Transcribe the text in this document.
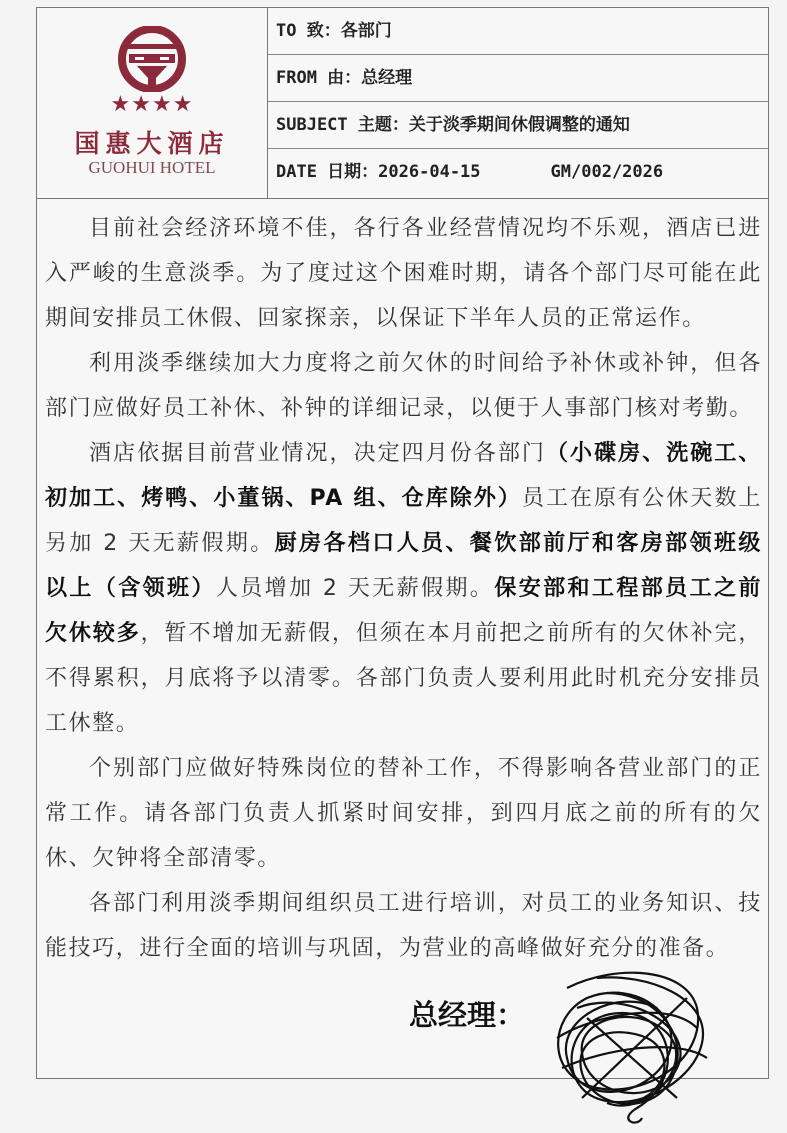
★★★★
国惠大酒店
GUOHUI HOTEL
TO 致：各部门
FROM 由：总经理
SUBJECT 主题：关于淡季期间休假调整的通知
DATE 日期：2026-04-15	GM/002/2026

目前社会经济环境不佳，各行各业经营情况均不乐观，酒店已进入严峻的生意淡季。为了度过这个困难时期，请各个部门尽可能在此期间安排员工休假、回家探亲，以保证下半年人员的正常运作。

利用淡季继续加大力度将之前欠休的时间给予补休或补钟，但各部门应做好员工补休、补钟的详细记录，以便于人事部门核对考勤。

酒店依据目前营业情况，决定四月份各部门（小碟房、洗碗工、初加工、烤鸭、小董锅、PA 组、仓库除外）员工在原有公休天数上另加 2 天无薪假期。厨房各档口人员、餐饮部前厅和客房部领班级以上（含领班）人员增加 2 天无薪假期。保安部和工程部员工之前欠休较多，暂不增加无薪假，但须在本月前把之前所有的欠休补完，不得累积，月底将予以清零。各部门负责人要利用此时机充分安排员工休整。

个别部门应做好特殊岗位的替补工作，不得影响各营业部门的正常工作。请各部门负责人抓紧时间安排，到四月底之前的所有的欠休、欠钟将全部清零。

各部门利用淡季期间组织员工进行培训，对员工的业务知识、技能技巧，进行全面的培训与巩固，为营业的高峰做好充分的准备。

总经理：
